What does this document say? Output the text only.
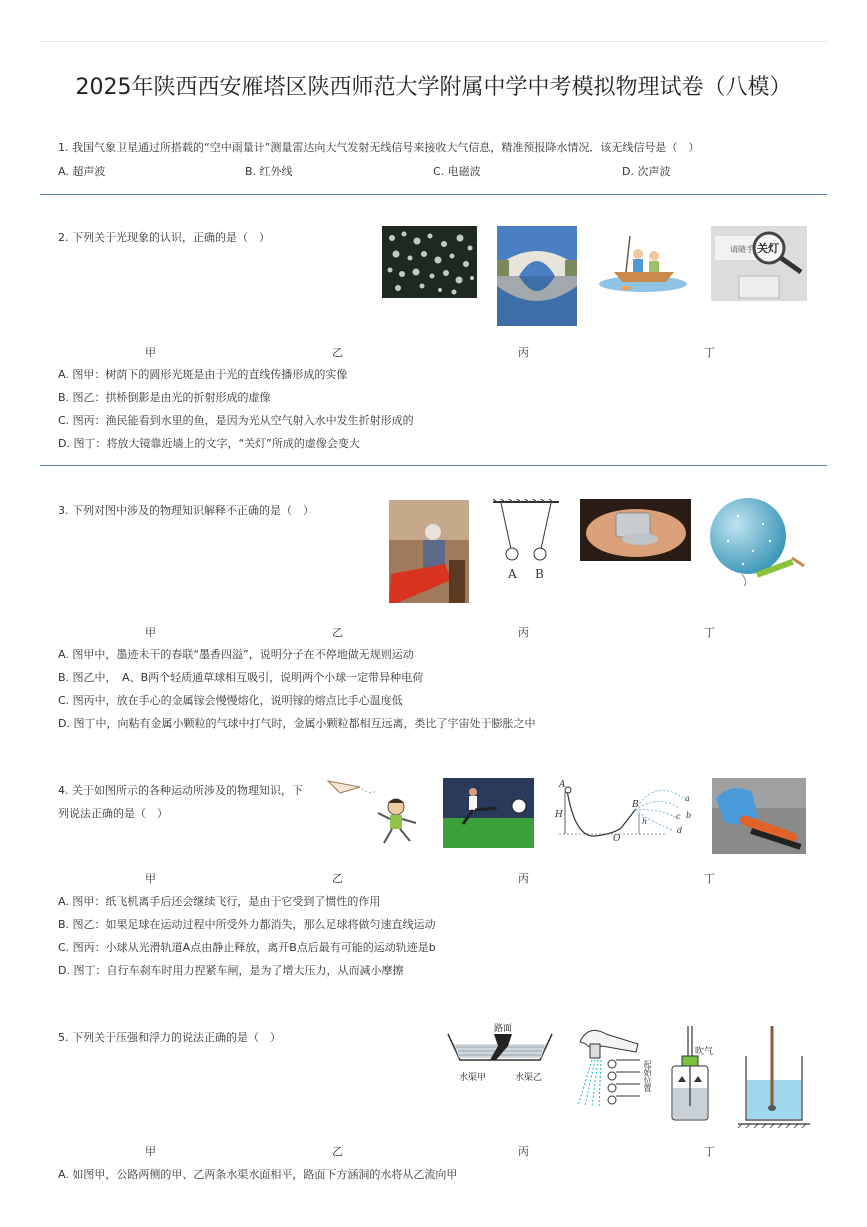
2025年陕西西安雁塔区陕西师范大学附属中学中考模拟物理试卷（八模）
1. 我国气象卫星通过所搭载的“空中雨量计”测量雷达向大气发射无线信号来接收大气信息，精准预报降水情况．该无线信号是（　）
A. 超声波	B. 红外线	C. 电磁波	D. 次声波
2. 下列关于光现象的认识，正确的是（　）
请随手 关灯
甲	乙	丙	丁
A. 图甲：树荫下的圆形光斑是由于光的直线传播形成的实像
B. 图乙：拱桥倒影是由光的折射形成的虚像
C. 图丙：渔民能看到水里的鱼，是因为光从空气射入水中发生折射形成的
D. 图丁：将放大镜靠近墙上的文字，“关灯”所成的虚像会变大
3. 下列对图中涉及的物理知识解释不正确的是（　）
A B
甲	乙	丙	丁
A. 图甲中，墨迹未干的春联“墨香四溢”，说明分子在不停地做无规则运动
B. 图乙中，　A、B两个轻质通草球相互吸引，说明两个小球一定带异种电荷
C. 图丙中，放在手心的金属镓会慢慢熔化，说明镓的熔点比手心温度低
D. 图丁中，向粘有金属小颗粒的气球中打气时，金属小颗粒都相互远离，类比了宇宙处于膨胀之中
4. 关于如图所示的各种运动所涉及的物理知识，下
列说法正确的是（　）
A
H
B
h
O
a
b
c
d
甲	乙	丙	丁
A. 图甲：纸飞机离手后还会继续飞行，是由于它受到了惯性的作用
B. 图乙：如果足球在运动过程中所受外力都消失，那么足球将做匀速直线运动
C. 图丙：小球从光滑轨道A点由静止释放，离开B点后最有可能的运动轨迹是b
D. 图丁：自行车刹车时用力捏紧车闸，是为了增大压力，从而减小摩擦
5. 下列关于压强和浮力的说法正确的是（　）
路面
水渠甲	水渠乙	起始位置
吹气
甲	乙	丙	丁
A. 如图甲，公路两侧的甲、乙两条水渠水面相平，路面下方涵洞的水将从乙流向甲
